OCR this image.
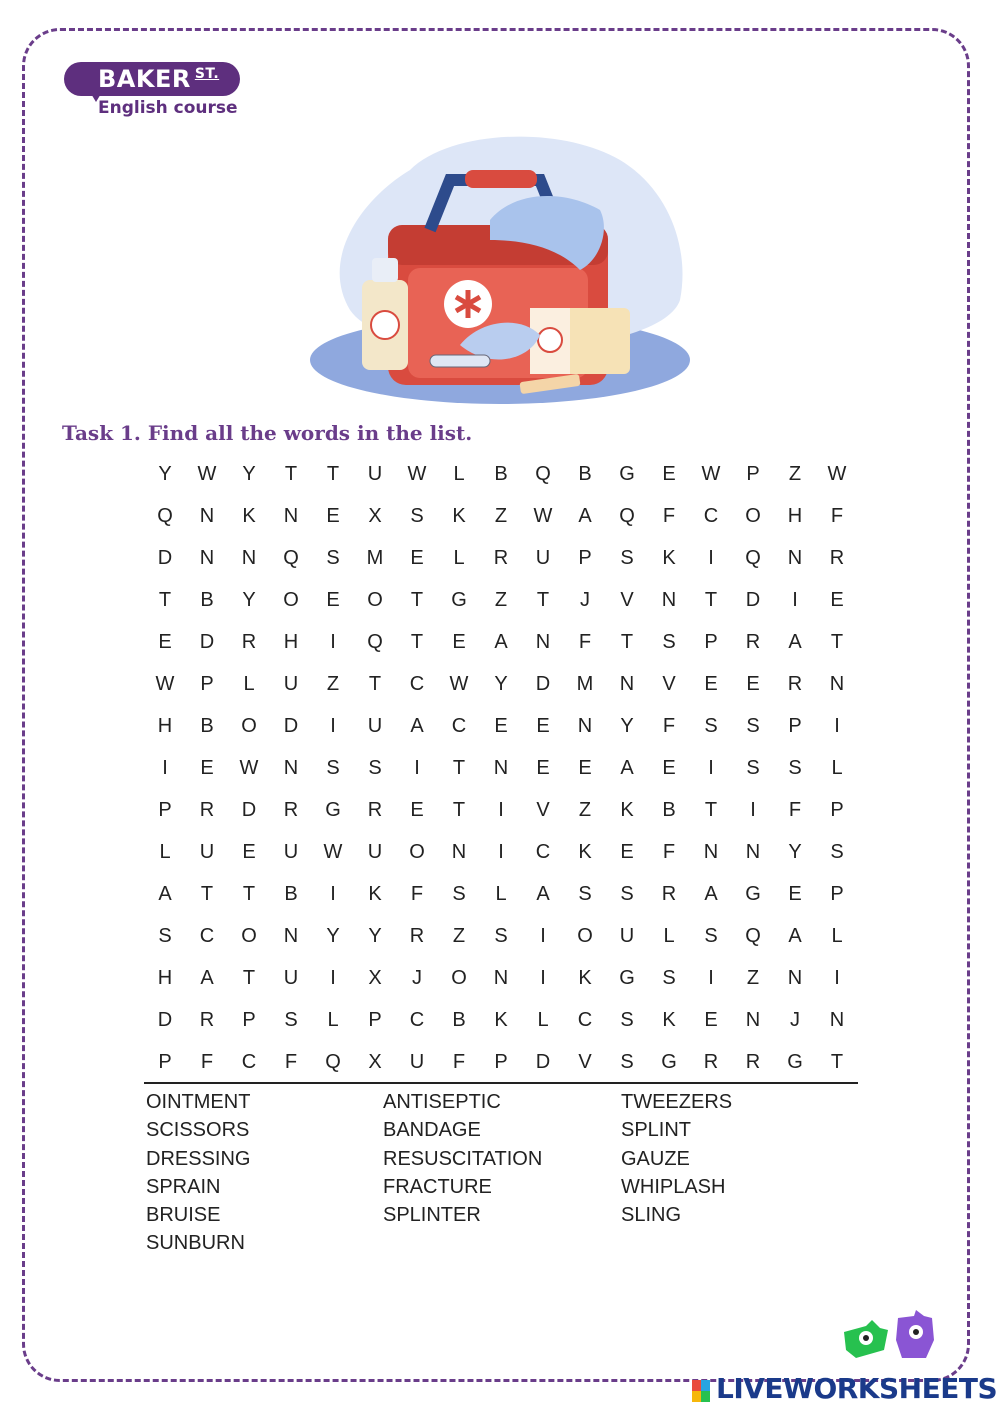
BAKER $^{ST.}$
English course
Task 1. Find all the words in the list.
Y	W	Y	T	T	U	W	L	B	Q	B	G	E	W	P	Z	W
Q	N	K	N	E	X	S	K	Z	W	A	Q	F	C	O	H	F
D	N	N	Q	S	M	E	L	R	U	P	S	K	I	Q	N	R
T	B	Y	O	E	O	T	G	Z	T	J	V	N	T	D	I	E
E	D	R	H	I	Q	T	E	A	N	F	T	S	P	R	A	T
W	P	L	U	Z	T	C	W	Y	D	M	N	V	E	E	R	N
H	B	O	D	I	U	A	C	E	E	N	Y	F	S	S	P	I
I	E	W	N	S	S	I	T	N	E	E	A	E	I	S	S	L
P	R	D	R	G	R	E	T	I	V	Z	K	B	T	I	F	P
L	U	E	U	W	U	O	N	I	C	K	E	F	N	N	Y	S
A	T	T	B	I	K	F	S	L	A	S	S	R	A	G	E	P
S	C	O	N	Y	Y	R	Z	S	I	O	U	L	S	Q	A	L
H	A	T	U	I	X	J	O	N	I	K	G	S	I	Z	N	I
D	R	P	S	L	P	C	B	K	L	C	S	K	E	N	J	N
P	F	C	F	Q	X	U	F	P	D	V	S	G	R	R	G	T
OINTMENT
SCISSORS
DRESSING
SPRAIN
BRUISE
SUNBURN
ANTISEPTIC
BANDAGE
RESUSCITATION
FRACTURE
SPLINTER
TWEEZERS
SPLINT
GAUZE
WHIPLASH
SLING
LIVEWORKSHEETS
